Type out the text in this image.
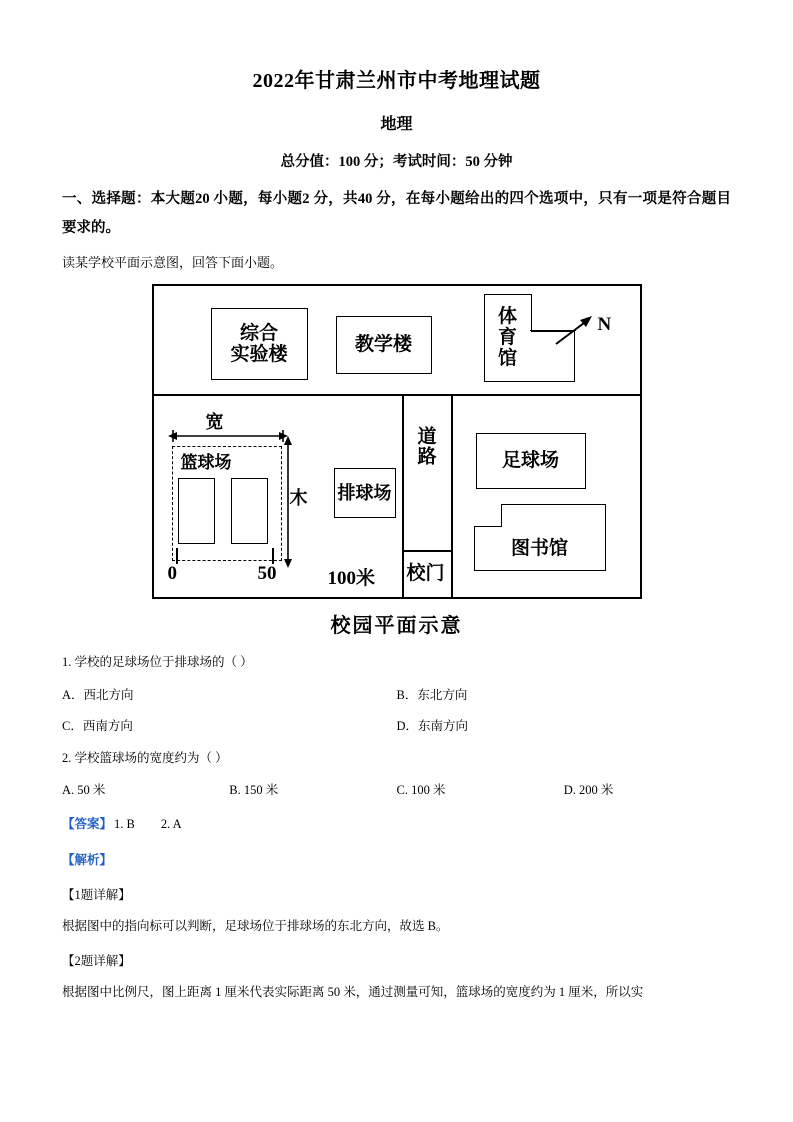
2022年甘肃兰州市中考地理试题
地理
总分值：100 分；考试时间：50 分钟
一、选择题：本大题20 小题，每小题2 分，共40 分，在每小题给出的四个选项中，只有一项是符合题目要求的。
读某学校平面示意图，回答下面小题。
综合
实验楼	教学楼
体
育
馆
N
道路
校门
足球场
图书馆
排球场
篮球场
宽
木
0	50	100米
校园平面示意
1. 学校的足球场位于排球场的（ ）
A．西北方向	B．东北方向
C．西南方向	D．东南方向
2. 学校篮球场的宽度约为（ ）
A. 50 米	B. 150 米	C. 100 米	D. 200 米
【答案】 1. B 2. A
【解析】
【1题详解】
根据图中的指向标可以判断，足球场位于排球场的东北方向，故选 B。
【2题详解】
根据图中比例尺，图上距离 1 厘米代表实际距离 50 米，通过测量可知，篮球场的宽度约为 1 厘米，所以实
